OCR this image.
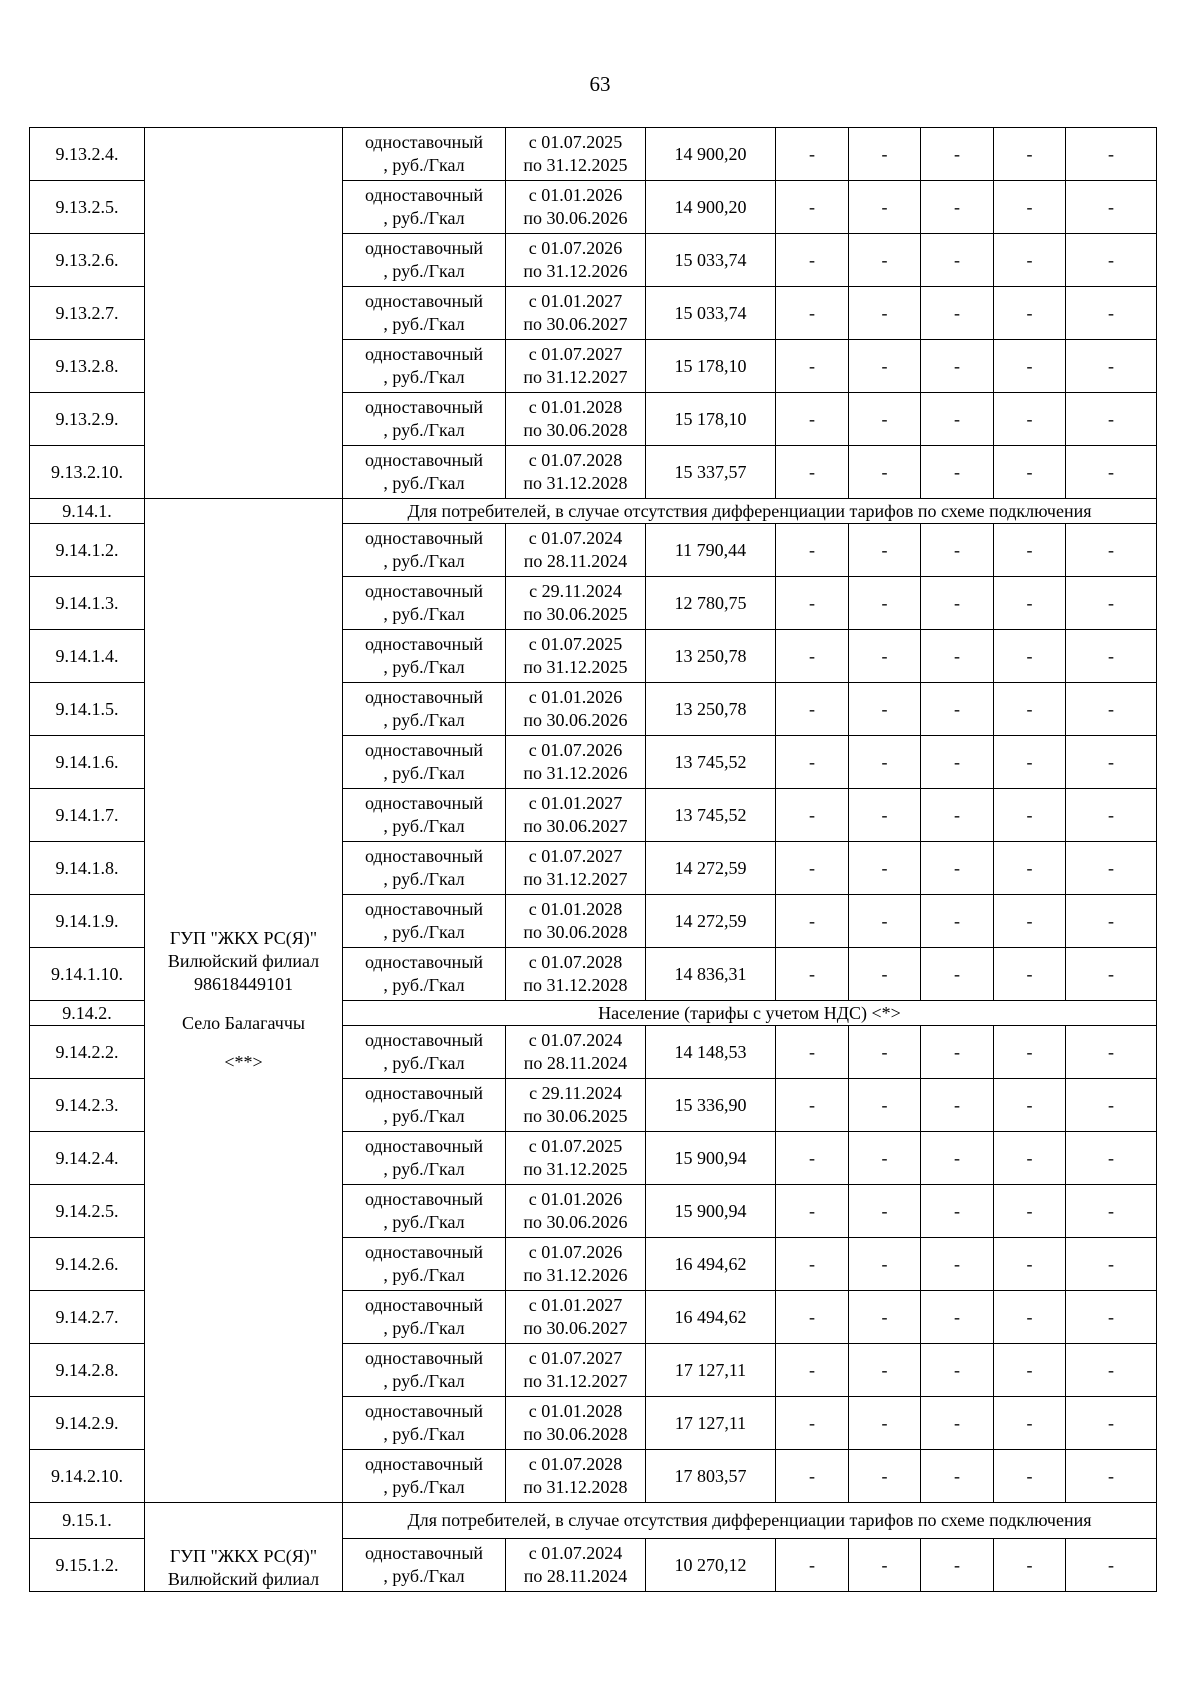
63
9.13.2.4.		одноставочный
, руб./Гкал	с 01.07.2025
по 31.12.2025	14 900,20	-	-	-	-	-
9.13.2.5.		одноставочный
, руб./Гкал	с 01.01.2026
по 30.06.2026	14 900,20	-	-	-	-	-
9.13.2.6.		одноставочный
, руб./Гкал	с 01.07.2026
по 31.12.2026	15 033,74	-	-	-	-	-
9.13.2.7.		одноставочный
, руб./Гкал	с 01.01.2027
по 30.06.2027	15 033,74	-	-	-	-	-
9.13.2.8.		одноставочный
, руб./Гкал	с 01.07.2027
по 31.12.2027	15 178,10	-	-	-	-	-
9.13.2.9.		одноставочный
, руб./Гкал	с 01.01.2028
по 30.06.2028	15 178,10	-	-	-	-	-
9.13.2.10.		одноставочный
, руб./Гкал	с 01.07.2028
по 31.12.2028	15 337,57	-	-	-	-	-
9.14.1.	ГУП "ЖКХ РС(Я)"
Вилюйский филиал
98618449101
Село Балагаччы
<**>	Для потребителей, в случае отсутствия дифференциации тарифов по схеме подключения							
9.14.1.2.		одноставочный
, руб./Гкал	с 01.07.2024
по 28.11.2024	11 790,44	-	-	-	-	-
9.14.1.3.		одноставочный
, руб./Гкал	с 29.11.2024
по 30.06.2025	12 780,75	-	-	-	-	-
9.14.1.4.		одноставочный
, руб./Гкал	с 01.07.2025
по 31.12.2025	13 250,78	-	-	-	-	-
9.14.1.5.		одноставочный
, руб./Гкал	с 01.01.2026
по 30.06.2026	13 250,78	-	-	-	-	-
9.14.1.6.		одноставочный
, руб./Гкал	с 01.07.2026
по 31.12.2026	13 745,52	-	-	-	-	-
9.14.1.7.		одноставочный
, руб./Гкал	с 01.01.2027
по 30.06.2027	13 745,52	-	-	-	-	-
9.14.1.8.		одноставочный
, руб./Гкал	с 01.07.2027
по 31.12.2027	14 272,59	-	-	-	-	-
9.14.1.9.		одноставочный
, руб./Гкал	с 01.01.2028
по 30.06.2028	14 272,59	-	-	-	-	-
9.14.1.10.		одноставочный
, руб./Гкал	с 01.07.2028
по 31.12.2028	14 836,31	-	-	-	-	-
9.14.2.		Население (тарифы с учетом НДС) <*>							
9.14.2.2.		одноставочный
, руб./Гкал	с 01.07.2024
по 28.11.2024	14 148,53	-	-	-	-	-
9.14.2.3.		одноставочный
, руб./Гкал	с 29.11.2024
по 30.06.2025	15 336,90	-	-	-	-	-
9.14.2.4.		одноставочный
, руб./Гкал	с 01.07.2025
по 31.12.2025	15 900,94	-	-	-	-	-
9.14.2.5.		одноставочный
, руб./Гкал	с 01.01.2026
по 30.06.2026	15 900,94	-	-	-	-	-
9.14.2.6.		одноставочный
, руб./Гкал	с 01.07.2026
по 31.12.2026	16 494,62	-	-	-	-	-
9.14.2.7.		одноставочный
, руб./Гкал	с 01.01.2027
по 30.06.2027	16 494,62	-	-	-	-	-
9.14.2.8.		одноставочный
, руб./Гкал	с 01.07.2027
по 31.12.2027	17 127,11	-	-	-	-	-
9.14.2.9.		одноставочный
, руб./Гкал	с 01.01.2028
по 30.06.2028	17 127,11	-	-	-	-	-
9.14.2.10.		одноставочный
, руб./Гкал	с 01.07.2028
по 31.12.2028	17 803,57	-	-	-	-	-
9.15.1.	ГУП "ЖКХ РС(Я)"
Вилюйский филиал	Для потребителей, в случае отсутствия дифференциации тарифов по схеме подключения							
9.15.1.2.		одноставочный
, руб./Гкал	с 01.07.2024
по 28.11.2024	10 270,12	-	-	-	-	-
